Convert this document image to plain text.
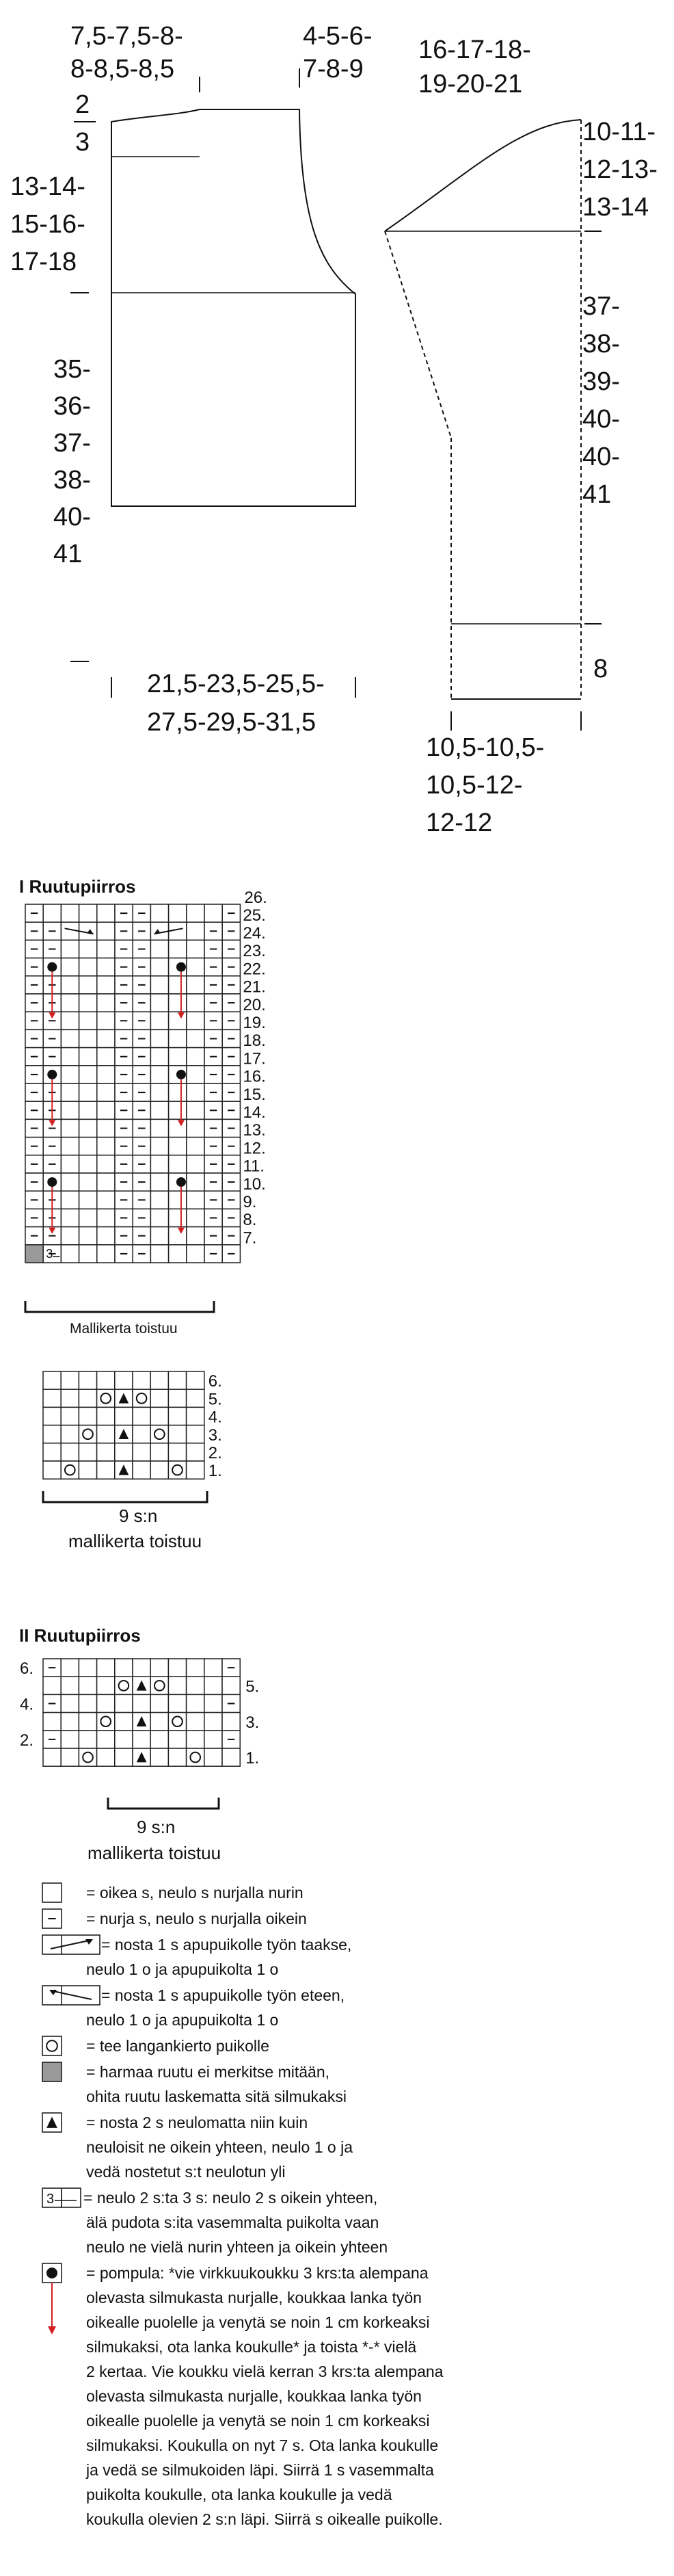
7,5-7,5-8-
8-8,5-8,5
2
3
4-5-6-
7-8-9
13-14-
15-16-
17-18
35-
36-
37-
38-
40-
41
21,5-23,5-25,5-
27,5-29,5-31,5
16-17-18-
19-20-21
10-11-
12-13-
13-14
37-
38-
39-
40-
40-
41
8
10,5-10,5-
10,5-12-
12-12
I Ruutupiirros
3
26.
25.
24.
23.
22.
21.
20.
19.
18.
17.
16.
15.
14.
13.
12.
11.
10.
9.
8.
7.
Mallikerta toistuu
6.
5.
4.
3.
2.
1.
9 s:n
mallikerta toistuu
II Ruutupiirros
6.
4.
2.
5.
3.
1.
9 s:n
mallikerta toistuu
= oikea s, neulo s nurjalla nurin
= nurja s, neulo s nurjalla oikein
= nosta 1 s apupuikolle työn taakse,
neulo 1 o ja apupuikolta 1 o
= nosta 1 s apupuikolle työn eteen,
neulo 1 o ja apupuikolta 1 o
= tee langankierto puikolle
= harmaa ruutu ei merkitse mitään,
ohita ruutu laskematta sitä silmukaksi
= nosta 2 s neulomatta niin kuin
neuloisit ne oikein yhteen, neulo 1 o ja
vedä nostetut s:t neulotun yli
3 = neulo 2 s:ta 3 s: neulo 2 s oikein yhteen,
älä pudota s:ita vasemmalta puikolta vaan
neulo ne vielä nurin yhteen ja oikein yhteen
= pompula: *vie virkkuukoukku 3 krs:ta alempana
olevasta silmukasta nurjalle, koukkaa lanka työn
oikealle puolelle ja venytä se noin 1 cm korkeaksi
silmukaksi, ota lanka koukulle* ja toista *-* vielä
2 kertaa. Vie koukku vielä kerran 3 krs:ta alempana
olevasta silmukasta nurjalle, koukkaa lanka työn
oikealle puolelle ja venytä se noin 1 cm korkeaksi
silmukaksi. Koukulla on nyt 7 s. Ota lanka koukulle
ja vedä se silmukoiden läpi. Siirrä 1 s vasemmalta
puikolta koukulle, ota lanka koukulle ja vedä
koukulla olevien 2 s:n läpi. Siirrä s oikealle puikolle.
